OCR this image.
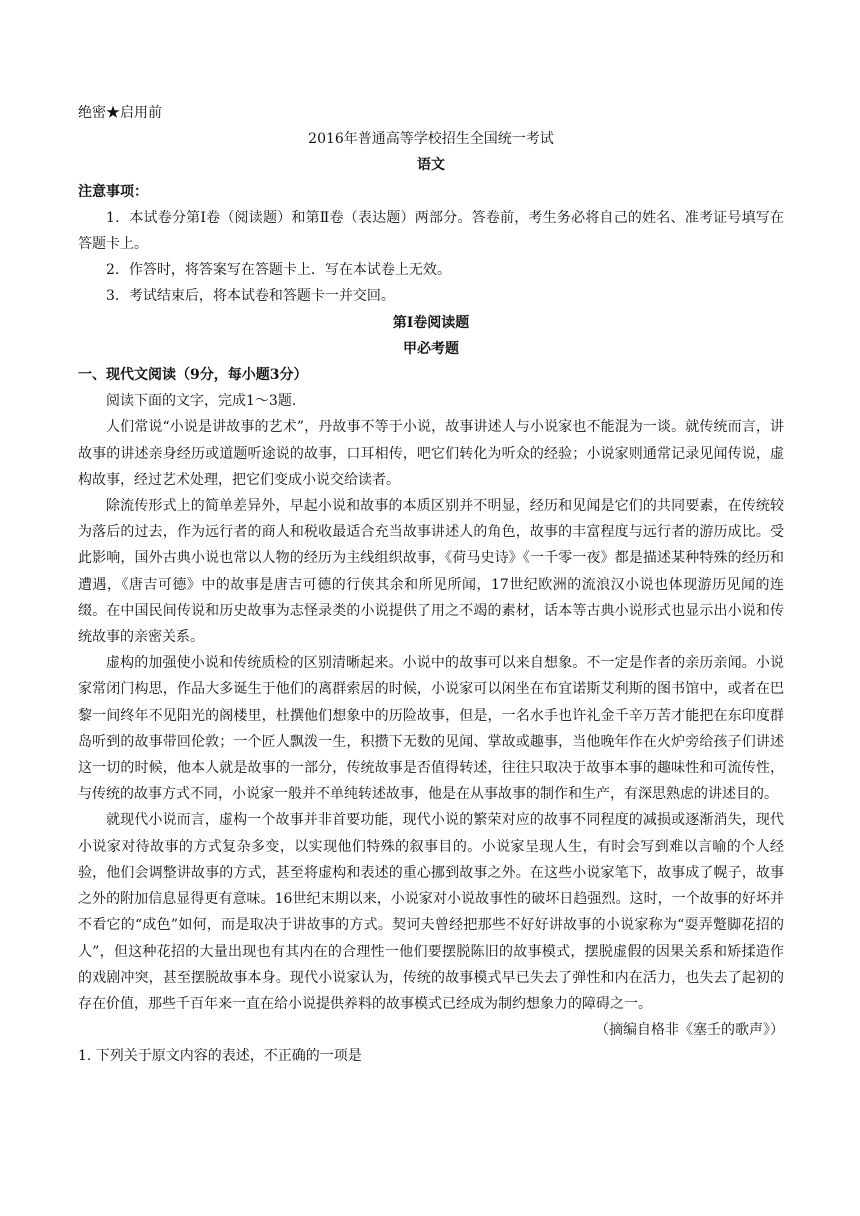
绝密★启用前

2016年普通高等学校招生全国统一考试

语文

注意事项：

1．本试卷分第Ⅰ卷（阅读题）和第Ⅱ卷（表达题）两部分。答卷前，考生务必将自己的姓名、准考证号填写在答题卡上。

2．作答时，将答案写在答题卡上．写在本试卷上无效。

3．考试结束后，将本试卷和答题卡一并交回。

第Ⅰ卷阅读题

甲必考题

一、现代文阅读（9分，每小题3分）

阅读下面的文字，完成1～3题.

人们常说“小说是讲故事的艺术”，丹故事不等于小说，故事讲述人与小说家也不能混为一谈。就传统而言，讲故事的讲述亲身经历或道题听途说的故事，口耳相传，吧它们转化为听众的经验；小说家则通常记录见闻传说，虚构故事，经过艺术处理，把它们变成小说交给读者。

除流传形式上的简单差异外，早起小说和故事的本质区别并不明显，经历和见闻是它们的共同要素，在传统较为落后的过去，作为远行者的商人和税收最适合充当故事讲述人的角色，故事的丰富程度与远行者的游历成比。受此影响，国外古典小说也常以人物的经历为主线组织故事，《荷马史诗》《一千零一夜》都是描述某种特殊的经历和遭遇，《唐吉可德》中的故事是唐吉可德的行侠其余和所见所闻，17世纪欧洲的流浪汉小说也体现游历见闻的连缀。在中国民间传说和历史故事为志怪录类的小说提供了用之不竭的素材，话本等古典小说形式也显示出小说和传统故事的亲密关系。

虚构的加强使小说和传统质检的区别清晰起来。小说中的故事可以来自想象。不一定是作者的亲历亲闻。小说家常闭门构思，作品大多诞生于他们的离群索居的时候，小说家可以闲坐在布宜诺斯艾利斯的图书馆中，或者在巴黎一间终年不见阳光的阁楼里，杜撰他们想象中的历险故事，但是，一名水手也许礼金千辛万苦才能把在东印度群岛听到的故事带回伦敦；一个匠人飘泼一生，积攒下无数的见闻、掌故或趣事，当他晚年作在火炉旁给孩子们讲述这一切的时候，他本人就是故事的一部分，传统故事是否值得转述，往往只取决于故事本事的趣味性和可流传性，与传统的故事方式不同，小说家一般并不单纯转述故事，他是在从事故事的制作和生产，有深思熟虑的讲述目的。

就现代小说而言，虚构一个故事并非首要功能，现代小说的繁荣对应的故事不同程度的减损或逐渐消失，现代小说家对待故事的方式复杂多变，以实现他们特殊的叙事目的。小说家呈现人生，有时会写到难以言喻的个人经验，他们会调整讲故事的方式，甚至将虚构和表述的重心挪到故事之外。在这些小说家笔下，故事成了幌子，故事之外的附加信息显得更有意味。16世纪末期以来，小说家对小说故事性的破坏日趋强烈。这时，一个故事的好坏并不看它的“成色”如何，而是取决于讲故事的方式。契诃夫曾经把那些不好好讲故事的小说家称为“耍弄蹩脚花招的人”，但这种花招的大量出现也有其内在的合理性一他们要摆脱陈旧的故事模式，摆脱虚假的因果关系和矫揉造作的戏剧冲突，甚至摆脱故事本身。现代小说家认为，传统的故事模式早已失去了弹性和内在活力，也失去了起初的存在价值，那些千百年来一直在给小说提供养料的故事模式已经成为制约想象力的障碍之一。

（摘编自格非《塞壬的歌声》）

1. 下列关于原文内容的表述，不正确的一项是
